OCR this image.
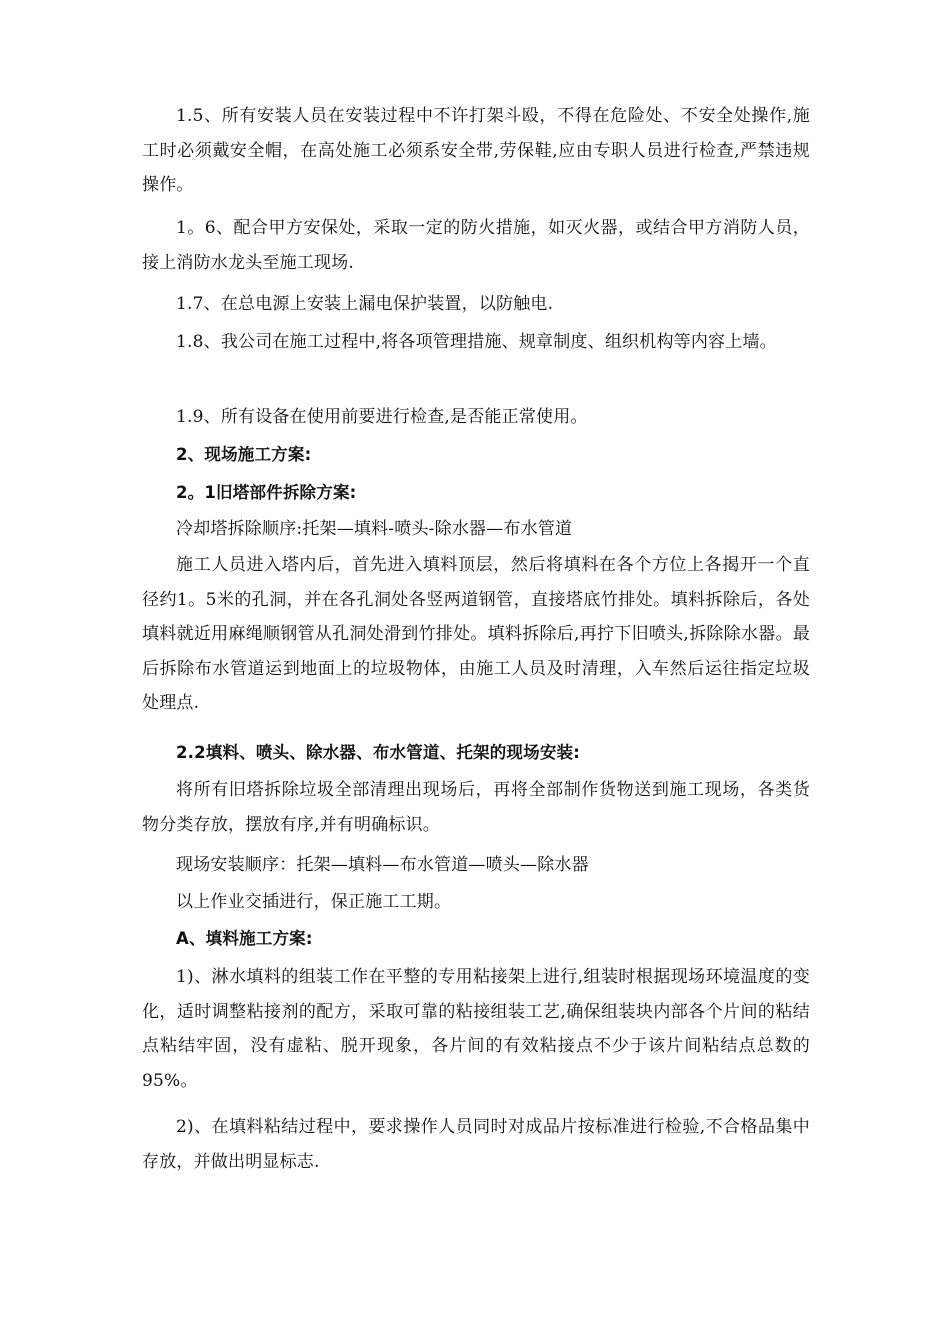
1.5、所有安装人员在安装过程中不许打架斗殴，不得在危险处、不安全处操作,施工时必须戴安全帽，在高处施工必须系安全带,劳保鞋,应由专职人员进行检查,严禁违规操作。

1。6、配合甲方安保处，采取一定的防火措施，如灭火器，或结合甲方消防人员，接上消防水龙头至施工现场.

1.7、在总电源上安装上漏电保护装置，以防触电.

1.8、我公司在施工过程中,将各项管理措施、规章制度、组织机构等内容上墙。

1.9、所有设备在使用前要进行检查,是否能正常使用。

2、现场施工方案:

2。1旧塔部件拆除方案:

冷却塔拆除顺序:托架—填料-喷头-除水器—布水管道

施工人员进入塔内后，首先进入填料顶层，然后将填料在各个方位上各揭开一个直径约1。5米的孔洞，并在各孔洞处各竖两道钢管，直接塔底竹排处。填料拆除后，各处填料就近用麻绳顺钢管从孔洞处滑到竹排处。填料拆除后,再拧下旧喷头,拆除除水器。最后拆除布水管道运到地面上的垃圾物体，由施工人员及时清理，入车然后运往指定垃圾处理点.

2.2填料、喷头、除水器、布水管道、托架的现场安装:

将所有旧塔拆除垃圾全部清理出现场后，再将全部制作货物送到施工现场，各类货物分类存放，摆放有序,并有明确标识。

现场安装顺序：托架—填料—布水管道—喷头—除水器

以上作业交插进行，保正施工工期。

A、填料施工方案:

1)、淋水填料的组装工作在平整的专用粘接架上进行,组装时根据现场环境温度的变化，适时调整粘接剂的配方，采取可靠的粘接组装工艺,确保组装块内部各个片间的粘结点粘结牢固，没有虚粘、脱开现象，各片间的有效粘接点不少于该片间粘结点总数的95%。

2)、在填料粘结过程中，要求操作人员同时对成品片按标准进行检验,不合格品集中存放，并做出明显标志.
